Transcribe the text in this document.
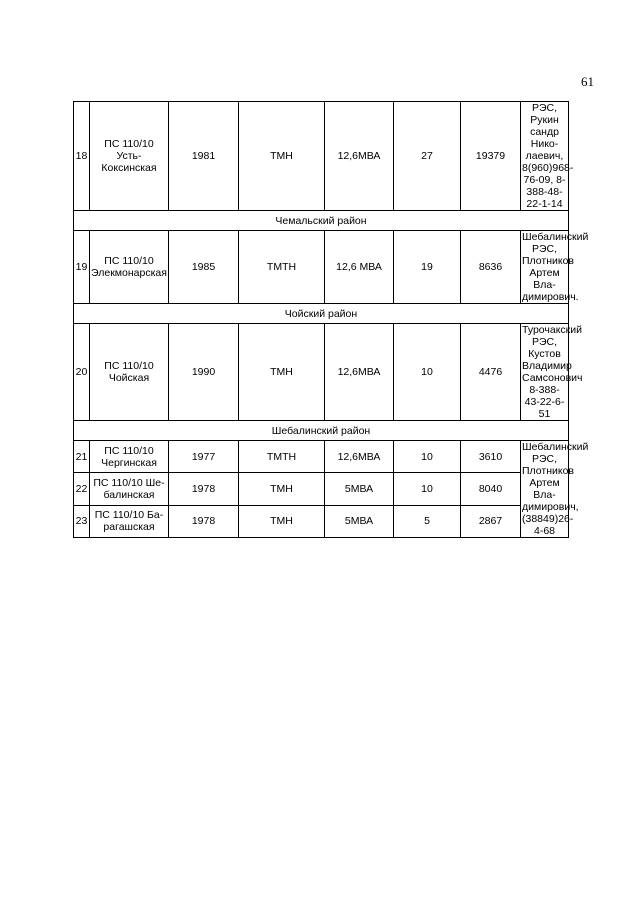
61
18	ПС 110/10 Усть-Коксинская	1981	ТМН	12,6МВА	27	19379	РЭС, Рукин сандр Нико-лаевич, 8(960)968-76-09, 8-388-48-22-1-14
Чемальский район							
19	ПС 110/10 Элекмонарская	1985	ТМТН	12,6 МВА	19	8636	Шебалинский РЭС, Плотников Артем Вла-димирович.
Чойский район							
20	ПС 110/10 Чойская	1990	ТМН	12,6МВА	10	4476	Турочакский РЭС, Кустов Владимир Самсонович 8-388-43-22-6-51
Шебалинский район							
21	ПС 110/10 Чергинская	1977	ТМТН	12,6МВА	10	3610	Шебалинский РЭС, Плотников Артем Вла-димирович, (38849)26-4-68
22	ПС 110/10 Ше-балинская	1978	ТМН	5МВА	10	8040	
23	ПС 110/10 Ба-рагашская	1978	ТМН	5МВА	5	2867	
